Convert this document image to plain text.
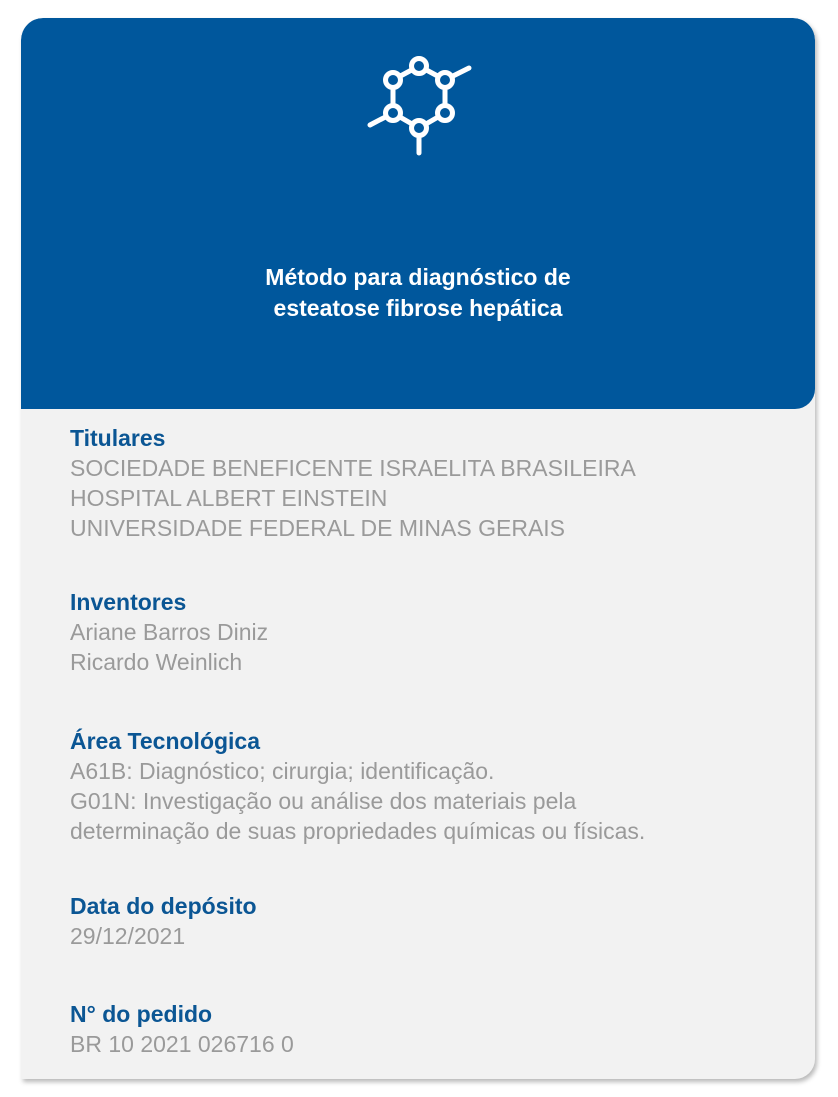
Método para diagnóstico de
esteatose fibrose hepática
Titulares
SOCIEDADE BENEFICENTE ISRAELITA BRASILEIRA
HOSPITAL ALBERT EINSTEIN
UNIVERSIDADE FEDERAL DE MINAS GERAIS
Inventores
Ariane Barros Diniz
Ricardo Weinlich
Área Tecnológica
A61B: Diagnóstico; cirurgia; identificação.
G01N: Investigação ou análise dos materiais pela
determinação de suas propriedades químicas ou físicas.
Data do depósito
29/12/2021
N° do pedido
BR 10 2021 026716 0
